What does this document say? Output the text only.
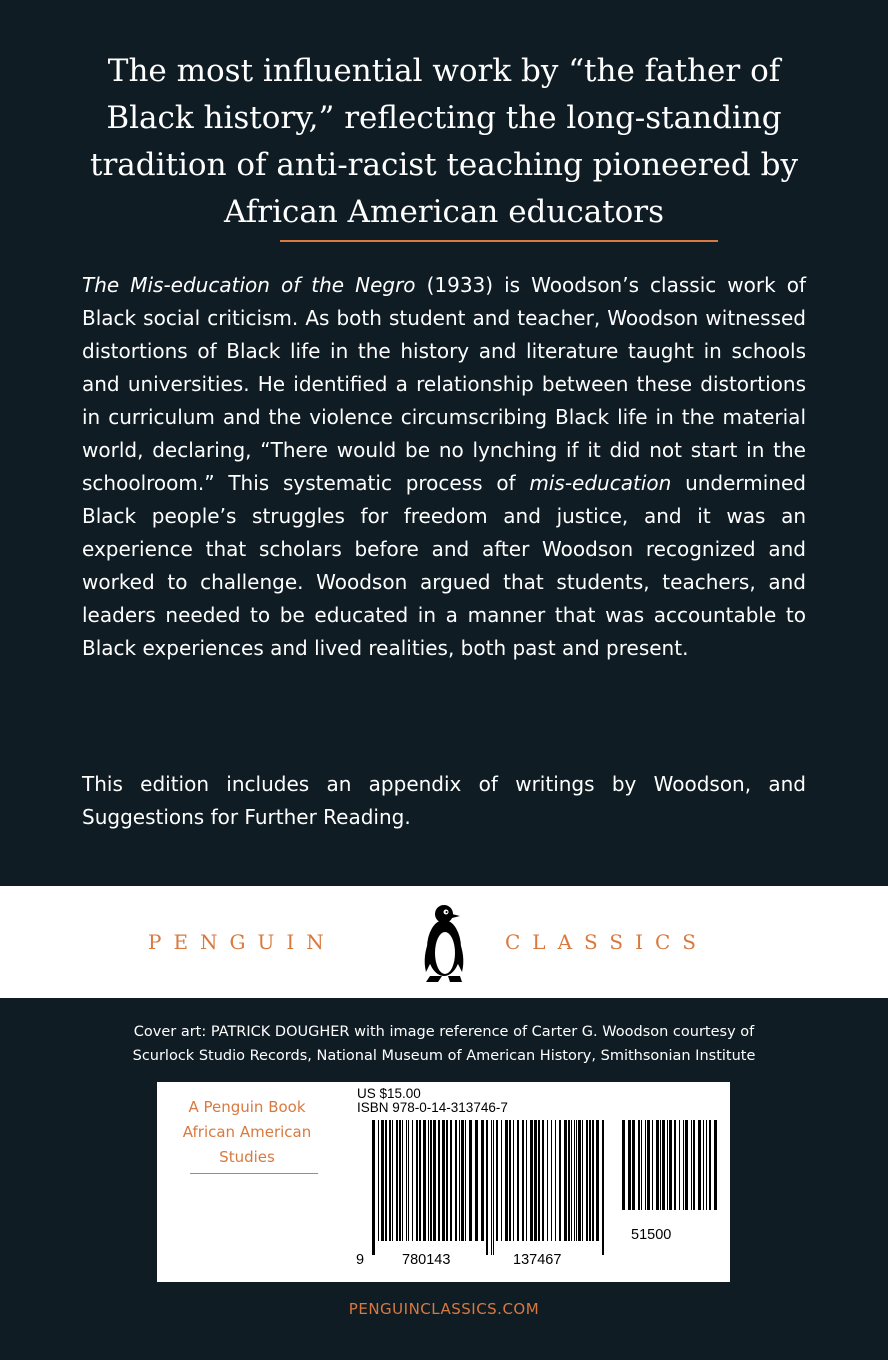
The most influential work by “the father of Black history,” reflecting the long-standing tradition of anti-racist teaching pioneered by African American educators

The Mis-education of the Negro (1933) is Woodson’s classic work of Black social criticism. As both student and teacher, Woodson witnessed distortions of Black life in the history and literature taught in schools and universities. He identified a relationship between these distortions in curriculum and the violence circumscribing Black life in the material world, declaring, “There would be no lynching if it did not start in the schoolroom.” This systematic process of mis-education undermined Black people’s struggles for freedom and justice, and it was an experience that scholars before and after Woodson recognized and worked to challenge. Woodson argued that students, teachers, and leaders needed to be educated in a manner that was accountable to Black experiences and lived realities, both past and present.

This edition includes an appendix of writings by Woodson, and Suggestions for Further Reading.

PENGUIN	CLASSICS
Cover art: PATRICK DOUGHER with image reference of Carter G. Woodson courtesy of
Scurlock Studio Records, National Museum of American History, Smithsonian Institute
A Penguin Book
African American
Studies
US $15.00
ISBN 978-0-14-313746-7
9	780143	137467
51500
PENGUINCLASSICS.COM
